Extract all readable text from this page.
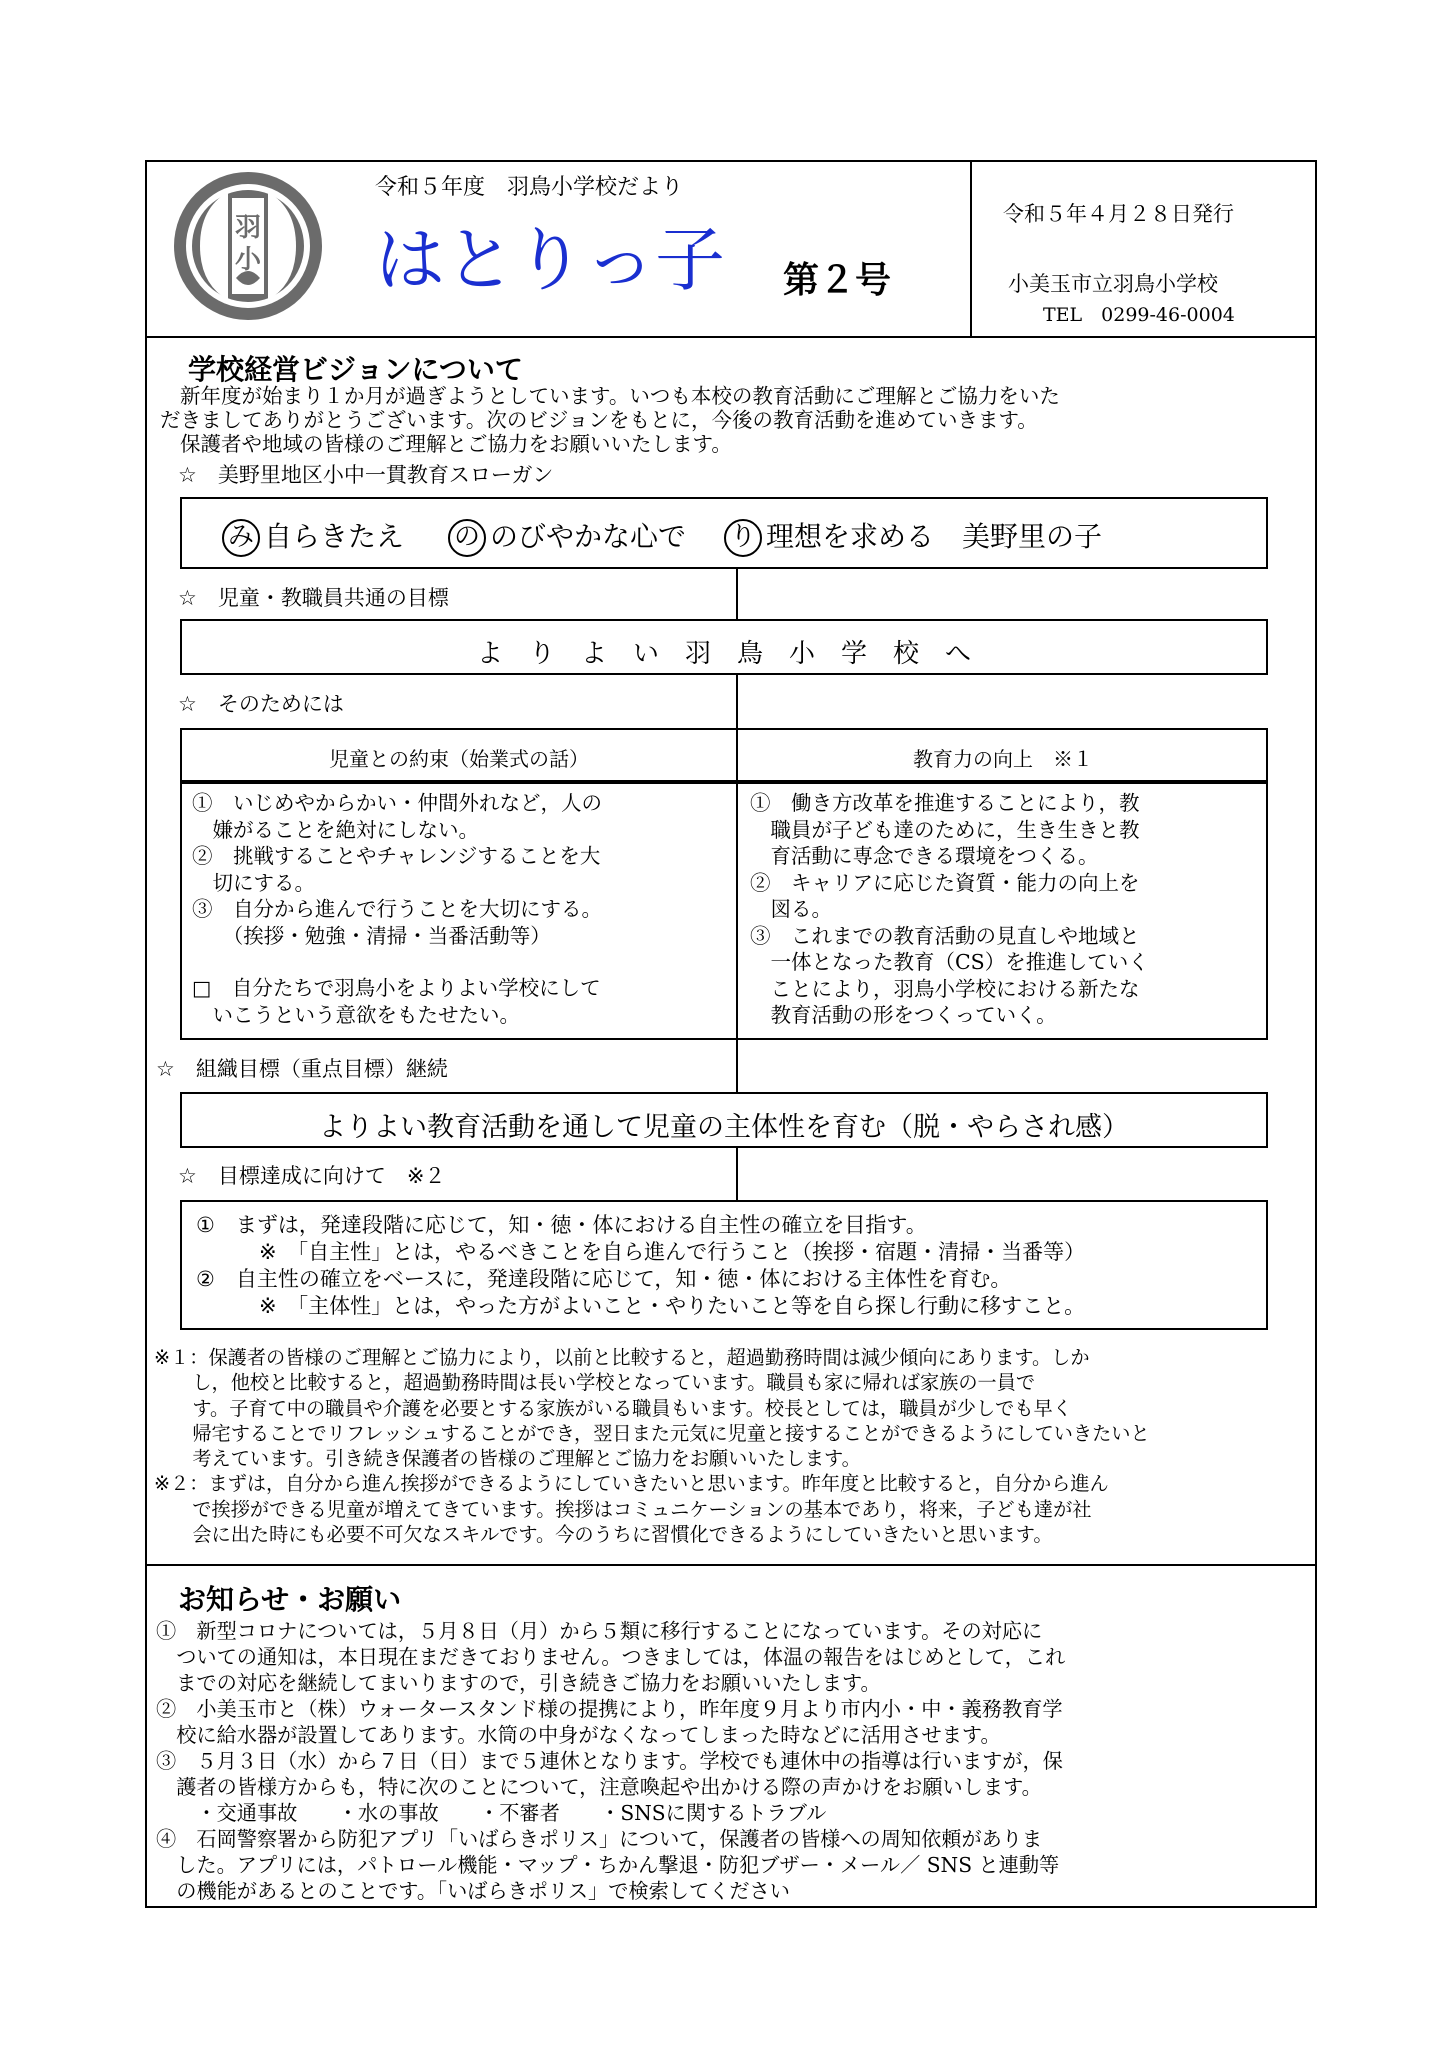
羽小
令和５年度　羽鳥小学校だより
はとりっ子 第２号
令和５年４月２８日発行
小美玉市立羽鳥小学校
TEL　0299-46-0004
学校経営ビジョンについて
新年度が始まり１か月が過ぎようとしています。いつも本校の教育活動にご理解とご協力をいた
だきましてありがとうございます。次のビジョンをもとに，今後の教育活動を進めていきます。
保護者や地域の皆様のご理解とご協力をお願いいたします。
☆　美野里地区小中一貫教育スローガン
み 自らきたえ の のびやかな心で り 理想を求める　美野里の子
☆　児童・教職員共通の目標
よ　り　よ　い　羽　鳥　小　学　校　へ
☆　そのためには
児童との約束（始業式の話）	教育力の向上　※１
①　いじめやからかい・仲間外れなど，人の
　嫌がることを絶対にしない。
②　挑戦することやチャレンジすることを大
　切にする。
③　自分から進んで行うことを大切にする。
　　（挨拶・勉強・清掃・当番活動等）
□　自分たちで羽鳥小をよりよい学校にして
　いこうという意欲をもたせたい。
①　働き方改革を推進することにより，教
　職員が子ども達のために，生き生きと教
　育活動に専念できる環境をつくる。
②　キャリアに応じた資質・能力の向上を
　図る。
③　これまでの教育活動の見直しや地域と
　一体となった教育（CS）を推進していく
　ことにより，羽鳥小学校における新たな
　教育活動の形をつくっていく。
☆　組織目標（重点目標）継続
よりよい教育活動を通して児童の主体性を育む（脱・やらされ感）
☆　目標達成に向けて　※２
①　まずは，発達段階に応じて，知・徳・体における自主性の確立を目指す。
　　　※　「自主性」とは，やるべきことを自ら進んで行うこと（挨拶・宿題・清掃・当番等）
②　自主性の確立をベースに，発達段階に応じて，知・徳・体における主体性を育む。
　　　※　「主体性」とは，やった方がよいこと・やりたいこと等を自ら探し行動に移すこと。
※１：保護者の皆様のご理解とご協力により，以前と比較すると，超過勤務時間は減少傾向にあります。しか
　　し，他校と比較すると，超過勤務時間は長い学校となっています。職員も家に帰れば家族の一員で
　　す。子育て中の職員や介護を必要とする家族がいる職員もいます。校長としては，職員が少しでも早く
　　帰宅することでリフレッシュすることができ，翌日また元気に児童と接することができるようにしていきたいと
　　考えています。引き続き保護者の皆様のご理解とご協力をお願いいたします。
※２：まずは，自分から進ん挨拶ができるようにしていきたいと思います。昨年度と比較すると，自分から進ん
　　で挨拶ができる児童が増えてきています。挨拶はコミュニケーションの基本であり，将来，子ども達が社
　　会に出た時にも必要不可欠なスキルです。今のうちに習慣化できるようにしていきたいと思います。
お知らせ・お願い
①　新型コロナについては，５月８日（月）から５類に移行することになっています。その対応に
　ついての通知は，本日現在まだきておりません。つきましては，体温の報告をはじめとして，これ
　までの対応を継続してまいりますので，引き続きご協力をお願いいたします。
②　小美玉市と（株）ウォータースタンド様の提携により，昨年度９月より市内小・中・義務教育学
　校に給水器が設置してあります。水筒の中身がなくなってしまった時などに活用させます。
③　５月３日（水）から７日（日）まで５連休となります。学校でも連休中の指導は行いますが，保
　護者の皆様方からも，特に次のことについて，注意喚起や出かける際の声かけをお願いします。
　　・交通事故　　・水の事故　　・不審者　　・SNSに関するトラブル
④　石岡警察署から防犯アプリ「いばらきポリス」について，保護者の皆様への周知依頼がありま
　した。アプリには，パトロール機能・マップ・ちかん撃退・防犯ブザー・メール／ SNS と連動等
　の機能があるとのことです。「いばらきポリス」で検索してください
